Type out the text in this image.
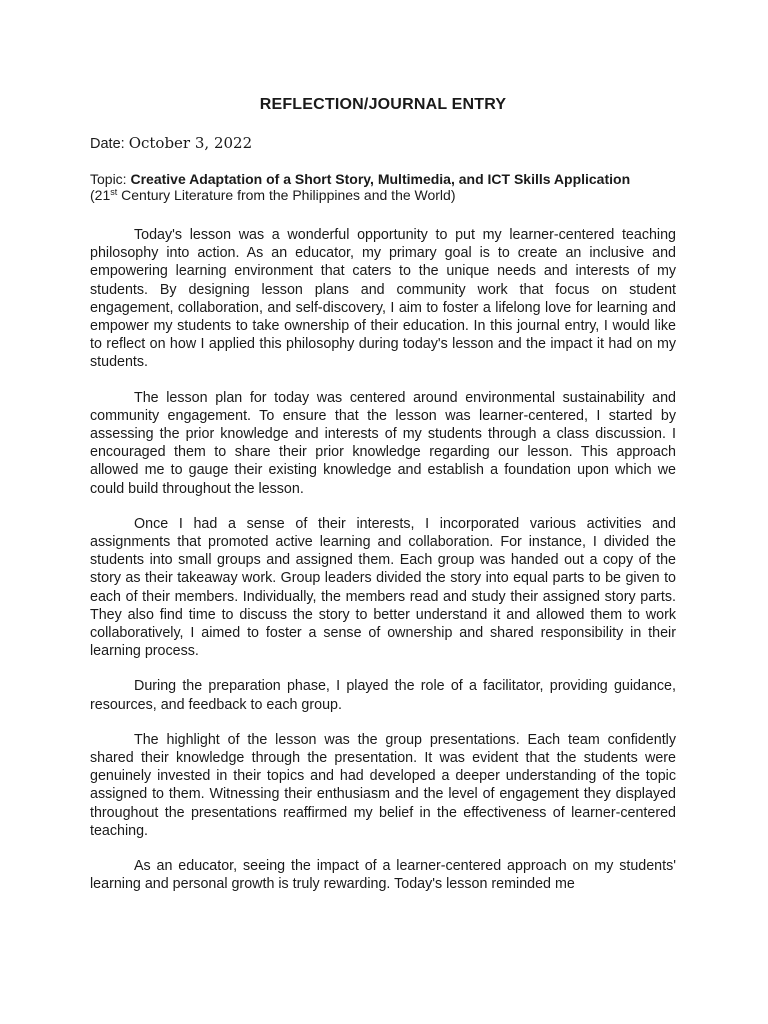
REFLECTION/JOURNAL ENTRY

Date: October 3, 2022

Topic: Creative Adaptation of a Short Story, Multimedia, and ICT Skills Application

(21st Century Literature from the Philippines and the World)

Today's lesson was a wonderful opportunity to put my learner-centered teaching philosophy into action. As an educator, my primary goal is to create an inclusive and empowering learning environment that caters to the unique needs and interests of my students. By designing lesson plans and community work that focus on student engagement, collaboration, and self-discovery, I aim to foster a lifelong love for learning and empower my students to take ownership of their education. In this journal entry, I would like to reflect on how I applied this philosophy during today's lesson and the impact it had on my students.

The lesson plan for today was centered around environmental sustainability and community engagement. To ensure that the lesson was learner-centered, I started by assessing the prior knowledge and interests of my students through a class discussion. I encouraged them to share their prior knowledge regarding our lesson. This approach allowed me to gauge their existing knowledge and establish a foundation upon which we could build throughout the lesson.

Once I had a sense of their interests, I incorporated various activities and assignments that promoted active learning and collaboration. For instance, I divided the students into small groups and assigned them. Each group was handed out a copy of the story as their takeaway work. Group leaders divided the story into equal parts to be given to each of their members. Individually, the members read and study their assigned story parts. They also find time to discuss the story to better understand it and allowed them to work collaboratively, I aimed to foster a sense of ownership and shared responsibility in their learning process.

During the preparation phase, I played the role of a facilitator, providing guidance, resources, and feedback to each group.

The highlight of the lesson was the group presentations. Each team confidently shared their knowledge through the presentation. It was evident that the students were genuinely invested in their topics and had developed a deeper understanding of the topic assigned to them. Witnessing their enthusiasm and the level of engagement they displayed throughout the presentations reaffirmed my belief in the effectiveness of learner-centered teaching.

As an educator, seeing the impact of a learner-centered approach on my students' learning and personal growth is truly rewarding. Today's lesson reminded me
